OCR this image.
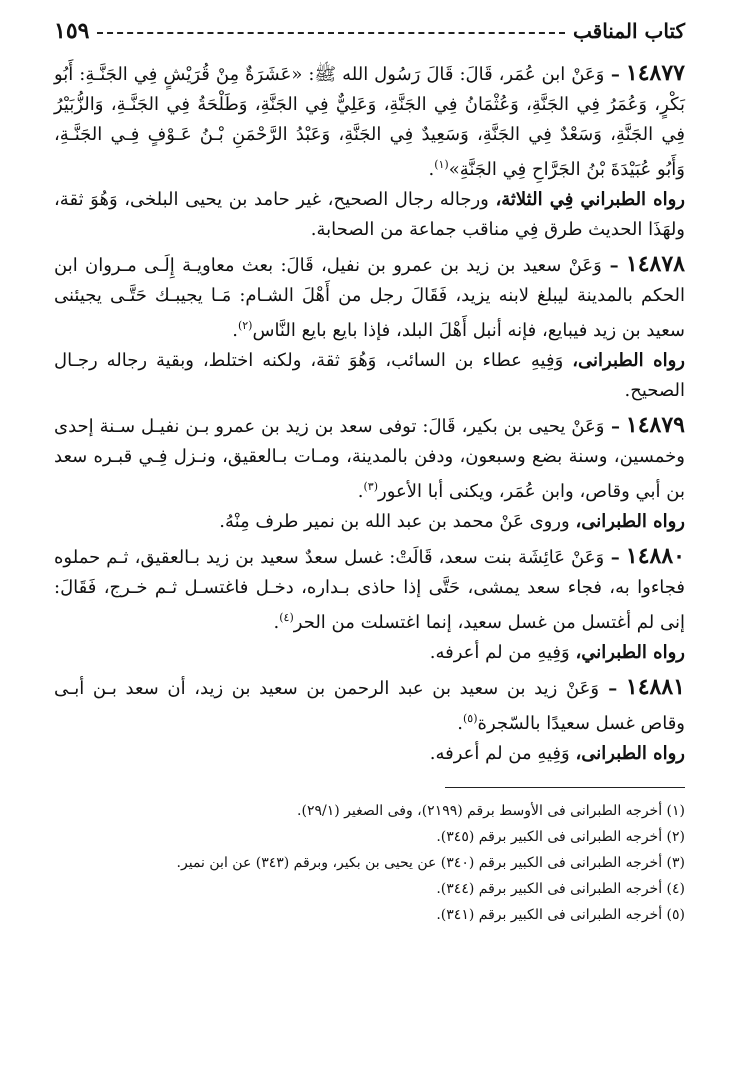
كتاب المناقب
١٥٩

١٤٨٧٧ – وَعَنْ ابن عُمَر، قَالَ: قَالَ رَسُول الله ﷺ: «عَشَرَةٌ مِنْ قُرَيْشٍ فِي الجَنَّـةِ: أَبُو بَكْرٍ، وَعُمَرُ فِي الجَنَّةِ، وَعُثْمَانُ فِي الجَنَّةِ، وَعَلِيٌّ فِي الجَنَّةِ، وَطَلْحَةُ فِي الجَنَّـةِ، وَالزُّبَيْرُ فِي الجَنَّةِ، وَسَعْدٌ فِي الجَنَّةِ، وَسَعِيدٌ فِي الجَنَّةِ، وَعَبْدُ الرَّحْمَنِ بْـنُ عَـوْفٍ فِـي الجَنَّـةِ، وَأَبُو عُبَيْدَةَ بْنُ الجَرَّاحِ فِي الجَنَّةِ»$^{(١)}$.

رواه الطبراني فِي الثلاثة، ورجاله رجال الصحيح، غير حامد بن يحيى البلخى، وَهُوَ ثقة، ولهَذَا الحديث طرق فِي مناقب جماعة من الصحابة.

١٤٨٧٨ – وَعَنْ سعيد بن زيد بن عمرو بن نفيل، قَالَ: بعث معاويـة إِلَـى مـروان ابن الحكم بالمدينة ليبلغ لابنه يزيد، فَقَالَ رجل من أَهْلَ الشـام: مَـا يجيبـك حَتَّـى يجيئنى سعيد بن زيد فيبايع، فإنه أنبل أَهْلَ البلد، فإذا بايع بايع النَّاس$^{(٢)}$.

رواه الطبرانى، وَفِيهِ عطاء بن السائب، وَهُوَ ثقة، ولكنه اختلط، وبقية رجاله رجـال الصحيح.

١٤٨٧٩ – وَعَنْ يحيى بن بكير، قَالَ: توفى سعد بن زيد بن عمرو بـن نفيـل سـنة إحدى وخمسين، وسنة بضع وسبعون، ودفن بالمدينة، ومـات بـالعقيق، ونـزل فِـي قبـره سعد بن أبي وقاص، وابن عُمَر، ويكنى أبا الأعور$^{(٣)}$.

رواه الطبرانى، وروى عَنْ محمد بن عبد الله بن نمير طرف مِنْهُ.

١٤٨٨٠ – وَعَنْ عَائِشَة بنت سعد، قَالَتْ: غسل سعدٌ سعيد بن زيد بـالعقيق، ثـم حملوه فجاءوا به، فجاء سعد يمشى، حَتَّى إذا حاذى بـداره، دخـل فاغتسـل ثـم خـرج، فَقَالَ: إنى لم أغتسل من غسل سعيد، إنما اغتسلت من الحر$^{(٤)}$.

رواه الطبراني، وَفِيهِ من لم أعرفه.

١٤٨٨١ – وَعَنْ زيد بن سعيد بن عبد الرحمن بن سعيد بن زيد، أن سعد بـن أبـى وقاص غسل سعيدًا بالسّجرة$^{(٥)}$.

رواه الطبرانى، وَفِيهِ من لم أعرفه.

(١) أخرجه الطبرانى فى الأوسط برقم (٢١٩٩)، وفى الصغير (٢٩/١).

(٢) أخرجه الطبرانى فى الكبير برقم (٣٤٥).

(٣) أخرجه الطبرانى فى الكبير برقم (٣٤٠) عن يحيى بن بكير، وبرقم (٣٤٣) عن ابن نمير.

(٤) أخرجه الطبرانى فى الكبير برقم (٣٤٤).

(٥) أخرجه الطبرانى فى الكبير برقم (٣٤١).
